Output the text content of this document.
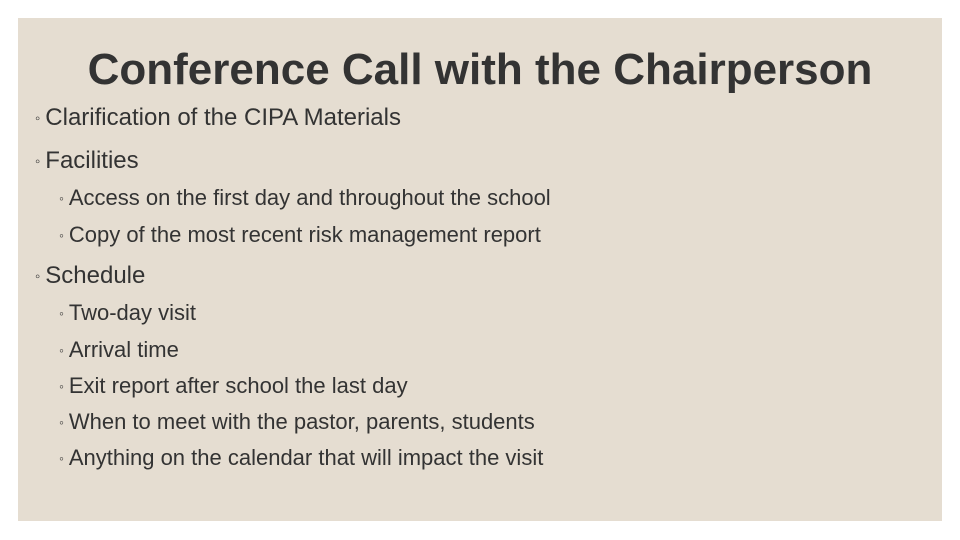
Conference Call with the Chairperson
◦ Clarification of the CIPA Materials
◦ Facilities
◦ Access on the first day and throughout the school
◦ Copy of the most recent risk management report
◦ Schedule
◦ Two-day visit
◦ Arrival time
◦ Exit report after school the last day
◦ When to meet with the pastor, parents, students
◦ Anything on the calendar that will impact the visit
